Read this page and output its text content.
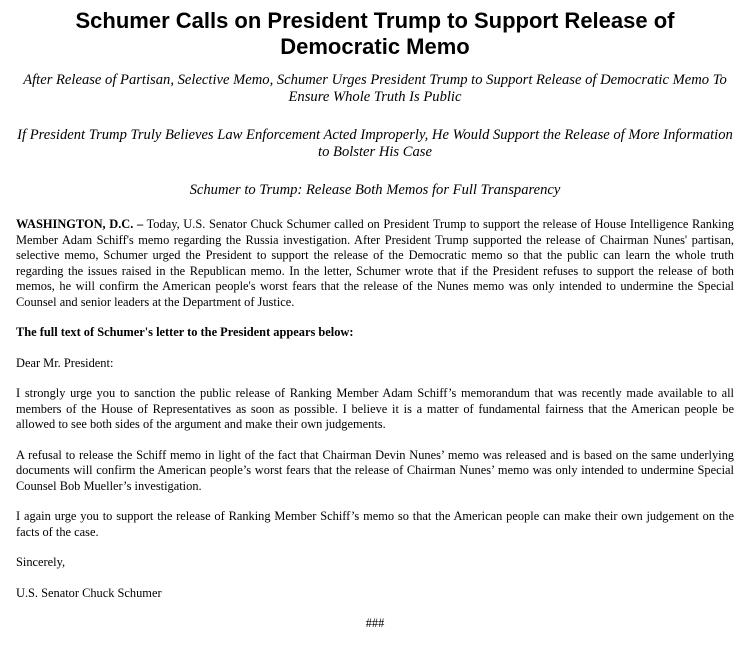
Schumer Calls on President Trump to Support Release of Democratic Memo
After Release of Partisan, Selective Memo, Schumer Urges President Trump to Support Release of Democratic Memo To Ensure Whole Truth Is Public
If President Trump Truly Believes Law Enforcement Acted Improperly, He Would Support the Release of More Information to Bolster His Case
Schumer to Trump: Release Both Memos for Full Transparency

WASHINGTON, D.C. – Today, U.S. Senator Chuck Schumer called on President Trump to support the release of House Intelligence Ranking Member Adam Schiff's memo regarding the Russia investigation. After President Trump supported the release of Chairman Nunes' partisan, selective memo, Schumer urged the President to support the release of the Democratic memo so that the public can learn the whole truth regarding the issues raised in the Republican memo. In the letter, Schumer wrote that if the President refuses to support the release of both memos, he will confirm the American people's worst fears that the release of the Nunes memo was only intended to undermine the Special Counsel and senior leaders at the Department of Justice.

The full text of Schumer's letter to the President appears below:

Dear Mr. President:

I strongly urge you to sanction the public release of Ranking Member Adam Schiff’s memorandum that was recently made available to all members of the House of Representatives as soon as possible. I believe it is a matter of fundamental fairness that the American people be allowed to see both sides of the argument and make their own judgements.

A refusal to release the Schiff memo in light of the fact that Chairman Devin Nunes’ memo was released and is based on the same underlying documents will confirm the American people’s worst fears that the release of Chairman Nunes’ memo was only intended to undermine Special Counsel Bob Mueller’s investigation.

I again urge you to support the release of Ranking Member Schiff’s memo so that the American people can make their own judgement on the facts of the case.

Sincerely,

U.S. Senator Chuck Schumer

###
